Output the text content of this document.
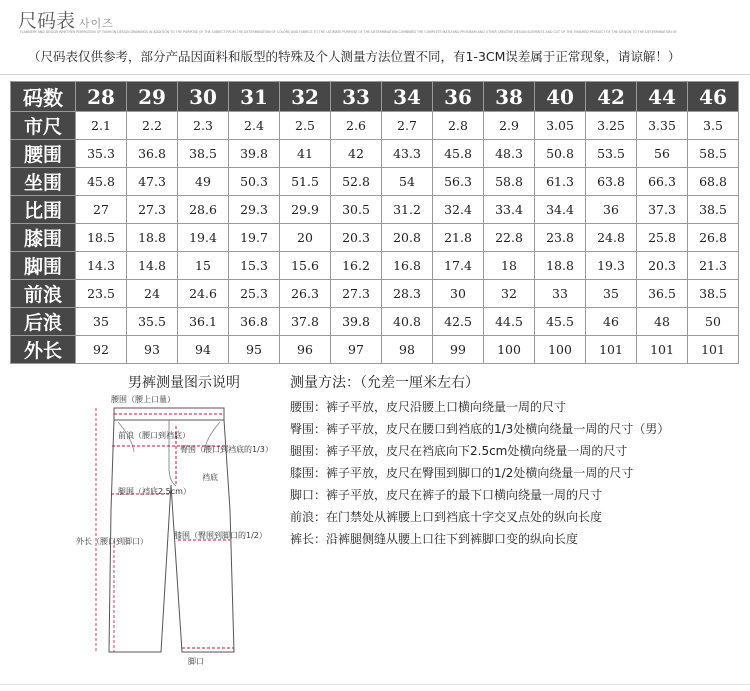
尺码表 사이즈
FLANNERY AND DESIGN WHETHER PERMISSION OF FASHION DESIGN DRAWINGS IN ADDITION TO THE PURPOSE OF THE SUBJECT FROM THE DETERMINATION OF COLORS AND FABRICS TO THE ULTIMATE PURPOSE OF THE DETERMINATION COMBINED THE COMPLETE MATCHING PROGRAM AND OTHER CREATIVE DESIGN ELEMENTS AND CUT OF THE FINISHED PRODUCT OF THE DESIGN TO THE DETERMINATION OF
（尺码表仅供参考，部分产品因面料和版型的特殊及个人测量方法位置不同，有1-3CM误差属于正常现象，请谅解！）
码数	28	29	30	31	32	33	34	36	38	40	42	44	46
市尺	2.1	2.2	2.3	2.4	2.5	2.6	2.7	2.8	2.9	3.05	3.25	3.35	3.5
腰围	35.3	36.8	38.5	39.8	41	42	43.3	45.8	48.3	50.8	53.5	56	58.5
坐围	45.8	47.3	49	50.3	51.5	52.8	54	56.3	58.8	61.3	63.8	66.3	68.8
比围	27	27.3	28.6	29.3	29.9	30.5	31.2	32.4	33.4	34.4	36	37.3	38.5
膝围	18.5	18.8	19.4	19.7	20	20.3	20.8	21.8	22.8	23.8	24.8	25.8	26.8
脚围	14.3	14.8	15	15.3	15.6	16.2	16.8	17.4	18	18.8	19.3	20.3	21.3
前浪	23.5	24	24.6	25.3	26.3	27.3	28.3	30	32	33	35	36.5	38.5
后浪	35	35.5	36.1	36.8	37.8	39.8	40.8	42.5	44.5	45.5	46	48	50
外长	92	93	94	95	96	97	98	99	100	100	101	101	101
男裤测量图示说明
腰围（腰上口量）
前浪（腰口到裆底）
臀围（腰口到裆底的1/3）
裆底
腿围（裆底2.5cm）
外长（腰口到脚口）
膝围（臀围到脚口的1/2）
脚口
测量方法：（允差一厘米左右）
腰围：裤子平放，皮尺沿腰上口横向绕量一周的尺寸
臀围：裤子平放，皮尺在腰口到裆底的1/3处横向绕量一周的尺寸（男）
腿围：裤子平放，皮尺在裆底向下2.5cm处横向绕量一周的尺寸
膝围：裤子平放，皮尺在臀围到脚口的1/2处横向绕量一周的尺寸
脚口：裤子平放，皮尺在裤子的最下口横向绕量一周的尺寸
前浪：在门禁处从裤腰上口到裆底十字交叉点处的纵向长度
裤长：沿裤腿侧缝从腰上口往下到裤脚口变的纵向长度
